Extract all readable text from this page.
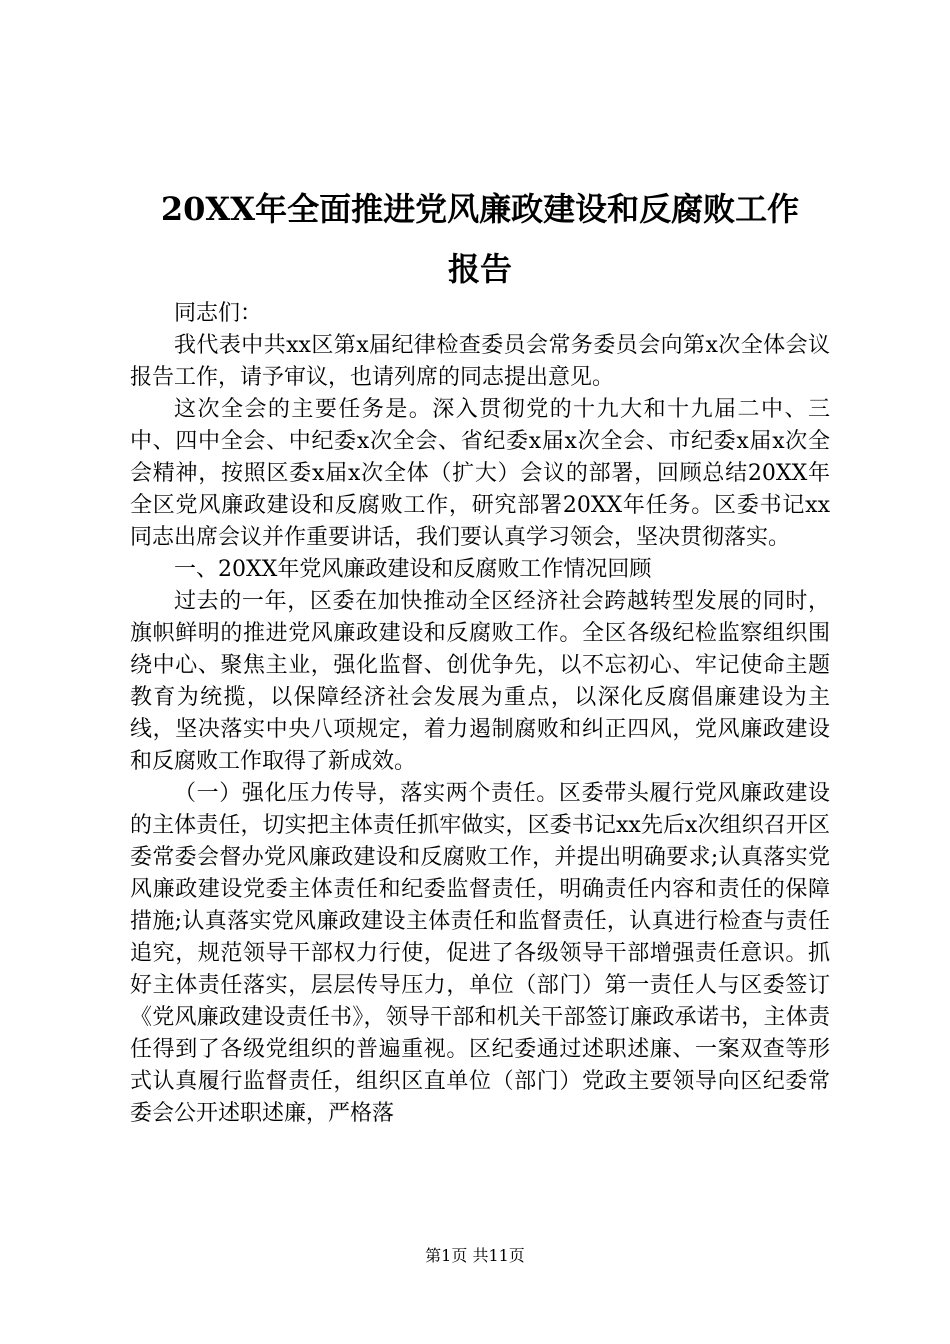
20XX年全面推进党风廉政建设和反腐败工作
报告

同志们：

我代表中共xx区第x届纪律检查委员会常务委员会向第x次全体会议报告工作，请予审议，也请列席的同志提出意见。

这次全会的主要任务是。深入贯彻党的十九大和十九届二中、三中、四中全会、中纪委x次全会、省纪委x届x次全会、市纪委x届x次全会精神，按照区委x届x次全体（扩大）会议的部署，回顾总结20XX年全区党风廉政建设和反腐败工作，研究部署20XX年任务。区委书记xx同志出席会议并作重要讲话，我们要认真学习领会，坚决贯彻落实。

一、20XX年党风廉政建设和反腐败工作情况回顾

过去的一年，区委在加快推动全区经济社会跨越转型发展的同时，旗帜鲜明的推进党风廉政建设和反腐败工作。全区各级纪检监察组织围绕中心、聚焦主业，强化监督、创优争先，以不忘初心、牢记使命主题教育为统揽，以保障经济社会发展为重点，以深化反腐倡廉建设为主线，坚决落实中央八项规定，着力遏制腐败和纠正四风，党风廉政建设和反腐败工作取得了新成效。

（一）强化压力传导，落实两个责任。区委带头履行党风廉政建设的主体责任，切实把主体责任抓牢做实，区委书记xx先后x次组织召开区委常委会督办党风廉政建设和反腐败工作，并提出明确要求;认真落实党风廉政建设党委主体责任和纪委监督责任，明确责任内容和责任的保障措施;认真落实党风廉政建设主体责任和监督责任，认真进行检查与责任追究，规范领导干部权力行使，促进了各级领导干部增强责任意识。抓好主体责任落实，层层传导压力，单位（部门）第一责任人与区委签订《党风廉政建设责任书》，领导干部和机关干部签订廉政承诺书，主体责任得到了各级党组织的普遍重视。区纪委通过述职述廉、一案双查等形式认真履行监督责任，组织区直单位（部门）党政主要领导向区纪委常委会公开述职述廉，严格落

第1页 共11页
